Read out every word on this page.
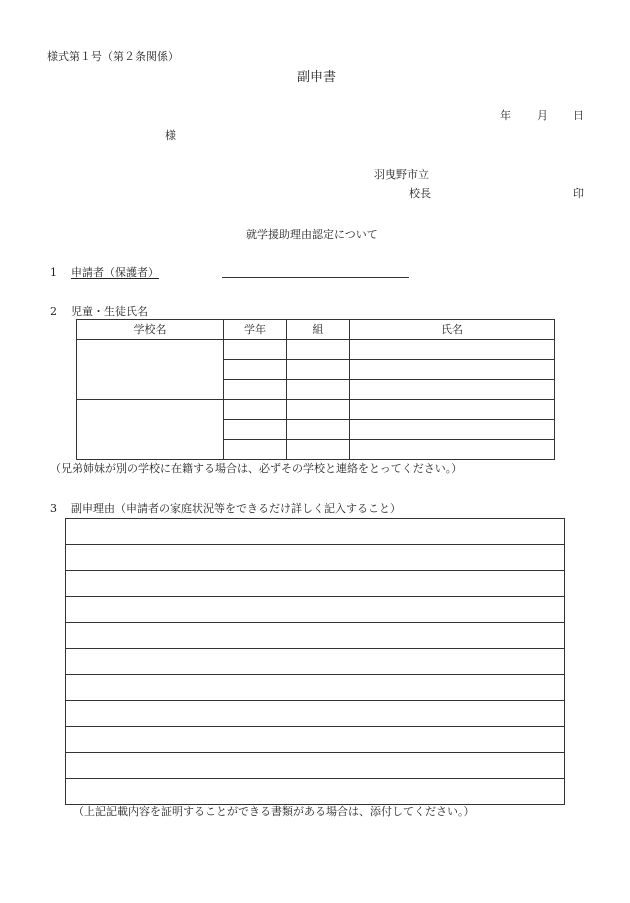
様式第１号（第２条関係）
副申書
年 月 日
様
羽曳野市立
校長	印
就学援助理由認定について
1 申請者（保護者）
2 児童・生徒氏名
学校名	学年	組	氏名

（兄弟姉妹が別の学校に在籍する場合は、必ずその学校と連絡をとってください。）
3 副申理由（申請者の家庭状況等をできるだけ詳しく記入すること）

（上記記載内容を証明することができる書類がある場合は、添付してください。）
